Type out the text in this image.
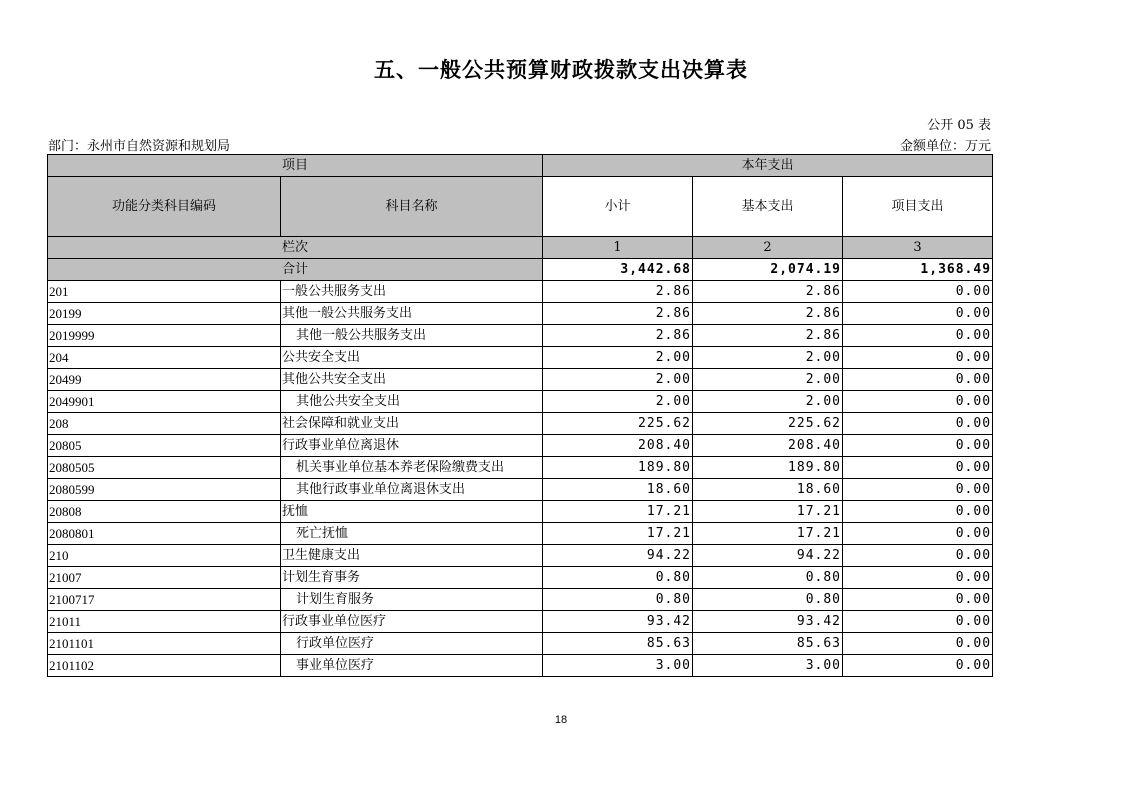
五、一般公共预算财政拨款支出决算表
公开 05 表
部门：永州市自然资源和规划局	金额单位：万元
项目		本年支出		
功能分类科目编码	科目名称	小计	基本支出	项目支出
栏次		1	2	3
合计		3,442.68	2,074.19	1,368.49
201	一般公共服务支出	2.86	2.86	0.00
20199	其他一般公共服务支出	2.86	2.86	0.00
2019999	其他一般公共服务支出	2.86	2.86	0.00
204	公共安全支出	2.00	2.00	0.00
20499	其他公共安全支出	2.00	2.00	0.00
2049901	其他公共安全支出	2.00	2.00	0.00
208	社会保障和就业支出	225.62	225.62	0.00
20805	行政事业单位离退休	208.40	208.40	0.00
2080505	机关事业单位基本养老保险缴费支出	189.80	189.80	0.00
2080599	其他行政事业单位离退休支出	18.60	18.60	0.00
20808	抚恤	17.21	17.21	0.00
2080801	死亡抚恤	17.21	17.21	0.00
210	卫生健康支出	94.22	94.22	0.00
21007	计划生育事务	0.80	0.80	0.00
2100717	计划生育服务	0.80	0.80	0.00
21011	行政事业单位医疗	93.42	93.42	0.00
2101101	行政单位医疗	85.63	85.63	0.00
2101102	事业单位医疗	3.00	3.00	0.00
18
